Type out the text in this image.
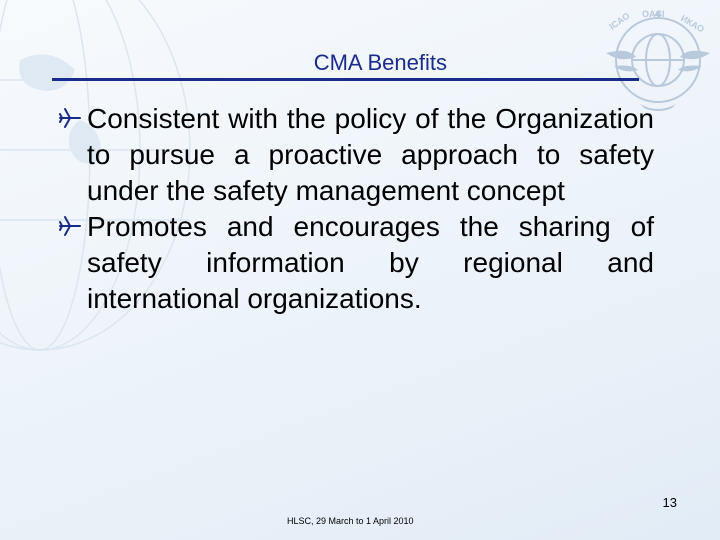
ICAO OACI ИКАО
CMA Benefits
Consistent with the policy of the Organization to pursue a proactive approach to safety under the safety management concept
Promotes and encourages the sharing of safety information by regional and international organizations.
13
HLSC, 29 March to 1 April 2010
